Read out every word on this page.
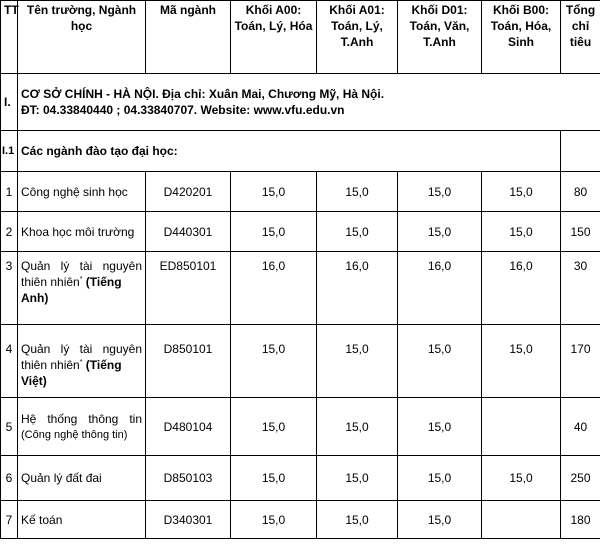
TT	Tên trường, Ngành học	Mã ngành	Khối A00:
Toán, Lý, Hóa	Khối A01:
Toán, Lý,
T.Anh	Khối D01:
Toán, Văn,
T.Anh	Khối B00:
Toán, Hóa,
Sinh	Tổng
chỉ tiêu
I.	CƠ SỞ CHÍNH - HÀ NỘI. Địa chỉ: Xuân Mai, Chương Mỹ, Hà Nội.
ĐT: 04.33840440 ; 04.33840707. Website: www.vfu.edu.vn						
I.1	Các ngành đào tạo đại học:						
1	Công nghệ sinh học	D420201	15,0	15,0	15,0	15,0	80
2	Khoa học môi trường	D440301	15,0	15,0	15,0	15,0	150
3	Quản lý tài nguyên
thiên nhiên* (Tiếng
Anh)	ED850101	16,0	16,0	16,0	16,0	30
4	Quản lý tài nguyên
thiên nhiên* (Tiếng
Việt)	D850101	15,0	15,0	15,0	15,0	170
5	Hệ thống thông tin
(Công nghệ thông tin)	D480104	15,0	15,0	15,0		40
6	Quản lý đất đai	D850103	15,0	15,0	15,0	15,0	250
7	Kế toán	D340301	15,0	15,0	15,0		180
